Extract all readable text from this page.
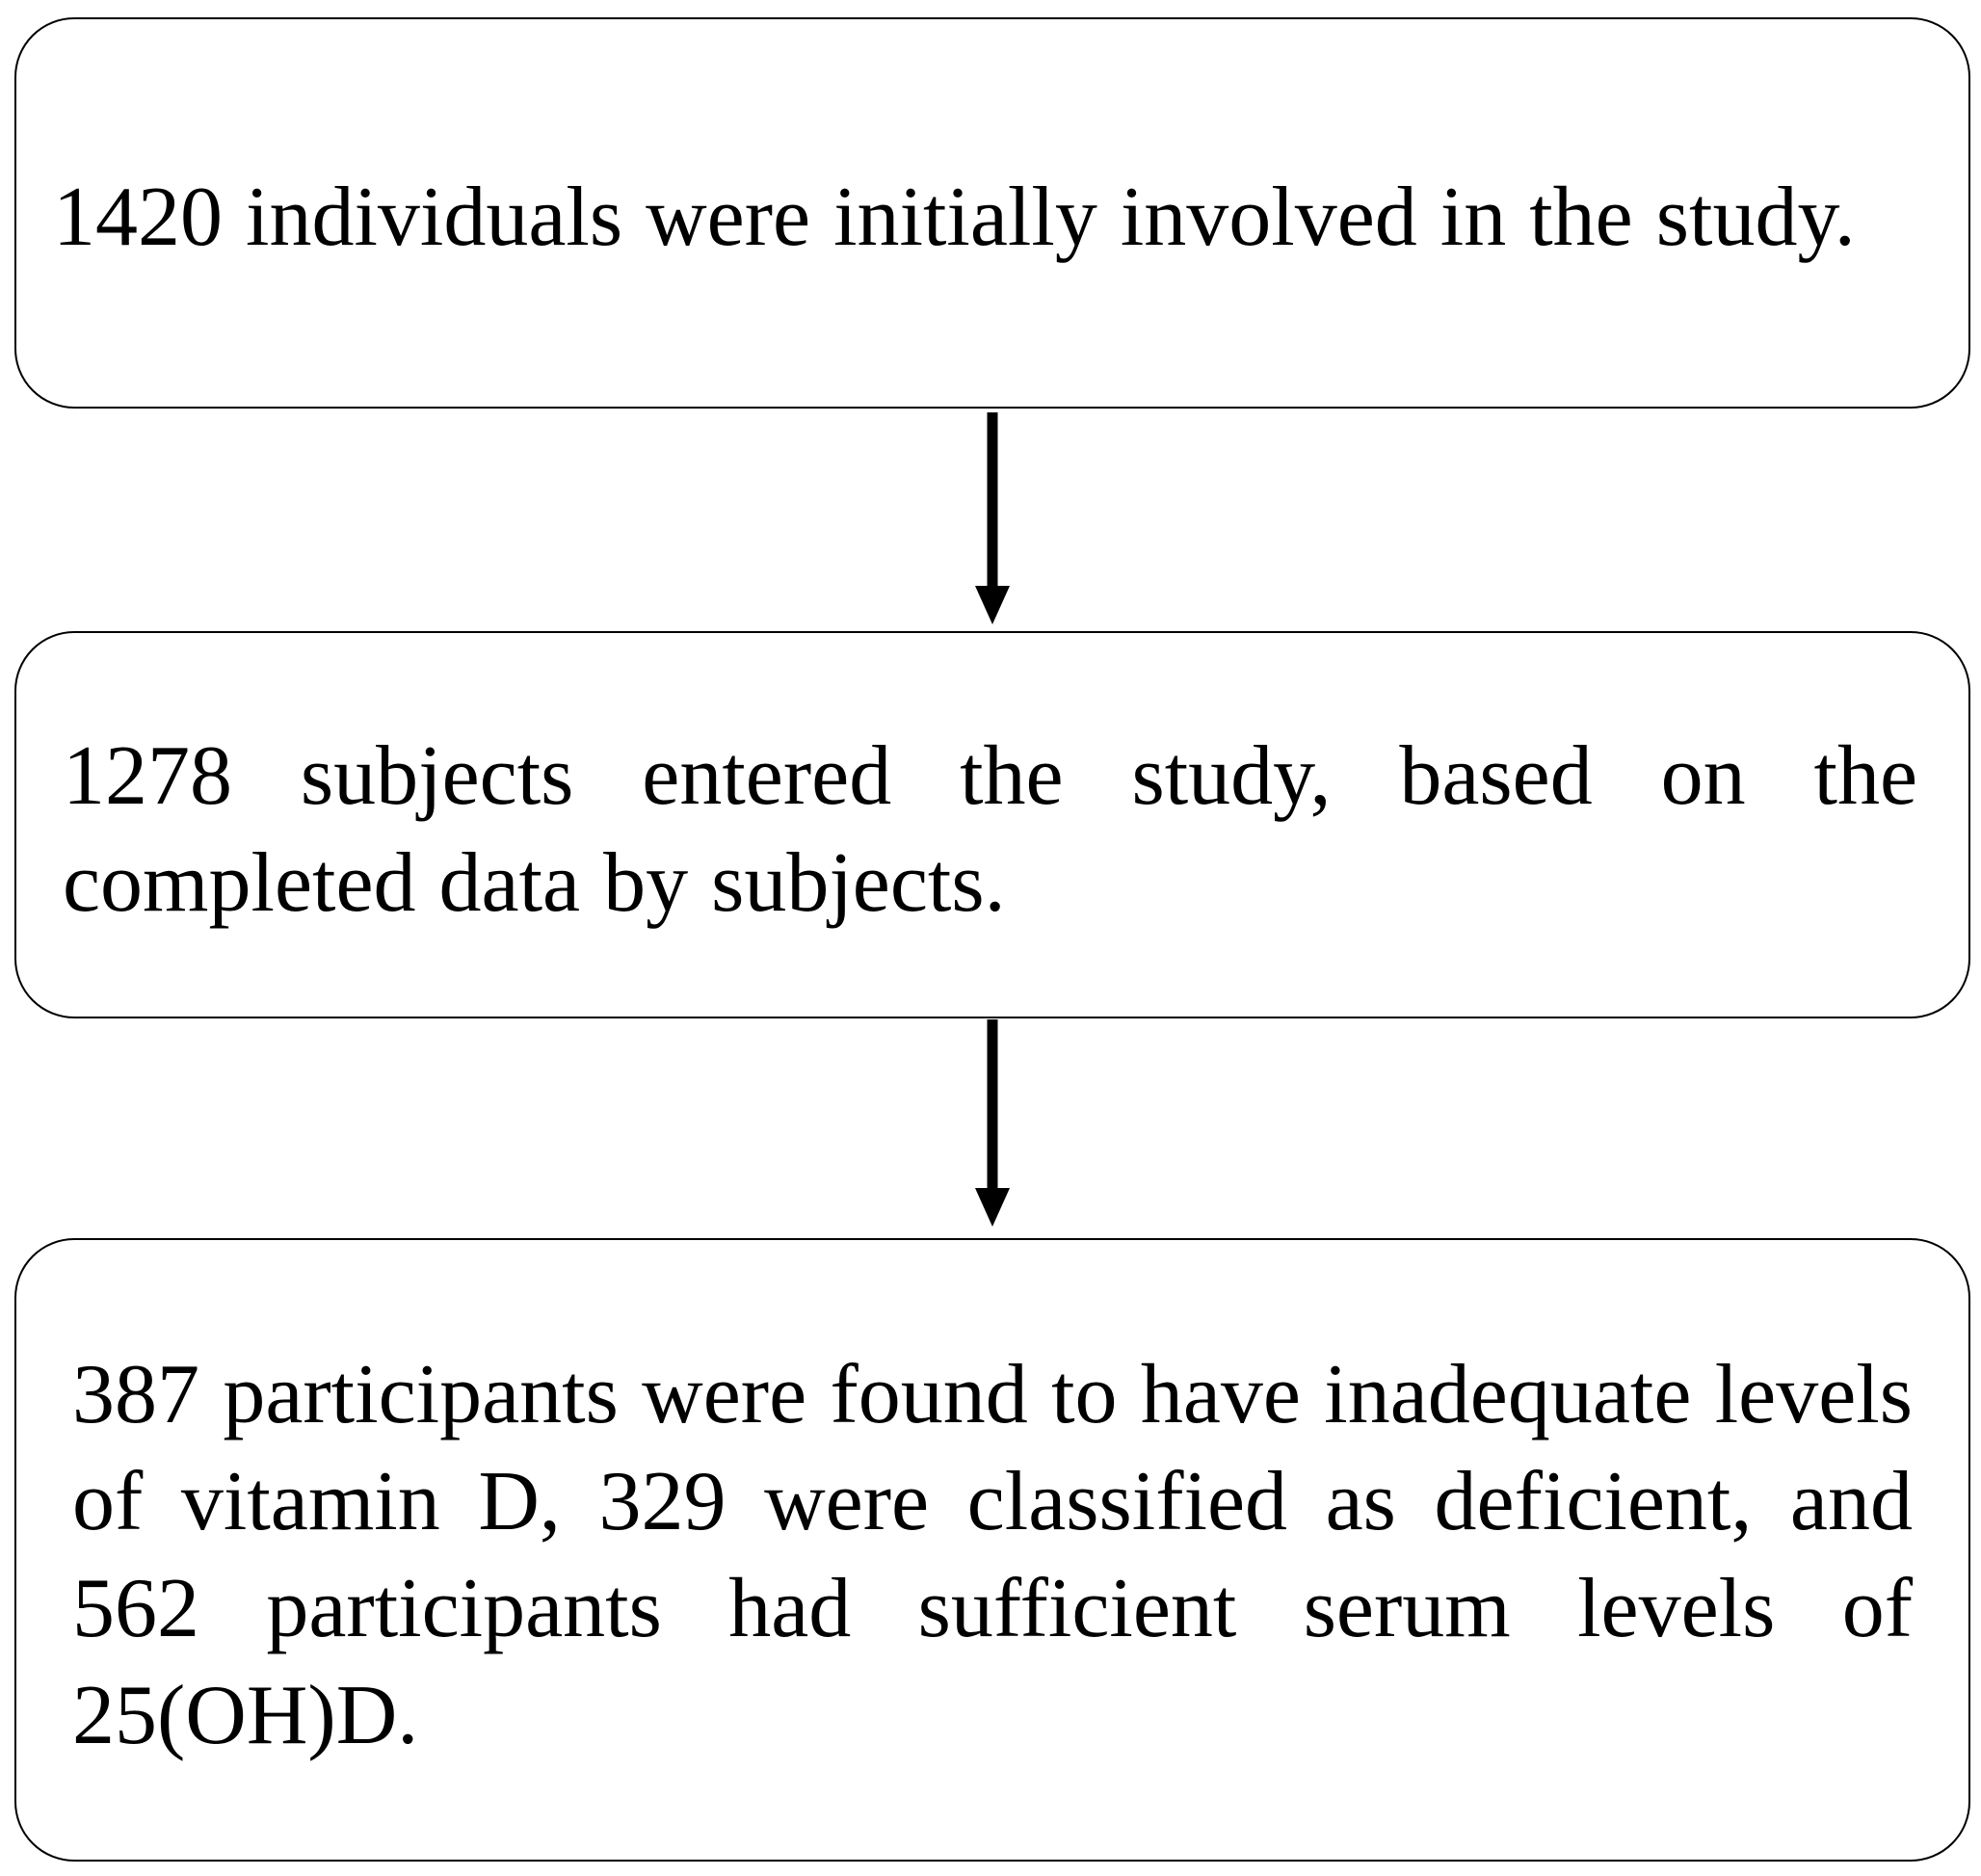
1420 individuals were initially involved in the study.

1278 subjects entered the study, based on the completed data by subjects.

387 participants were found to have inadequate levels of vitamin D, 329 were classified as deficient, and 562 participants had sufficient serum levels of 25(OH)D.
